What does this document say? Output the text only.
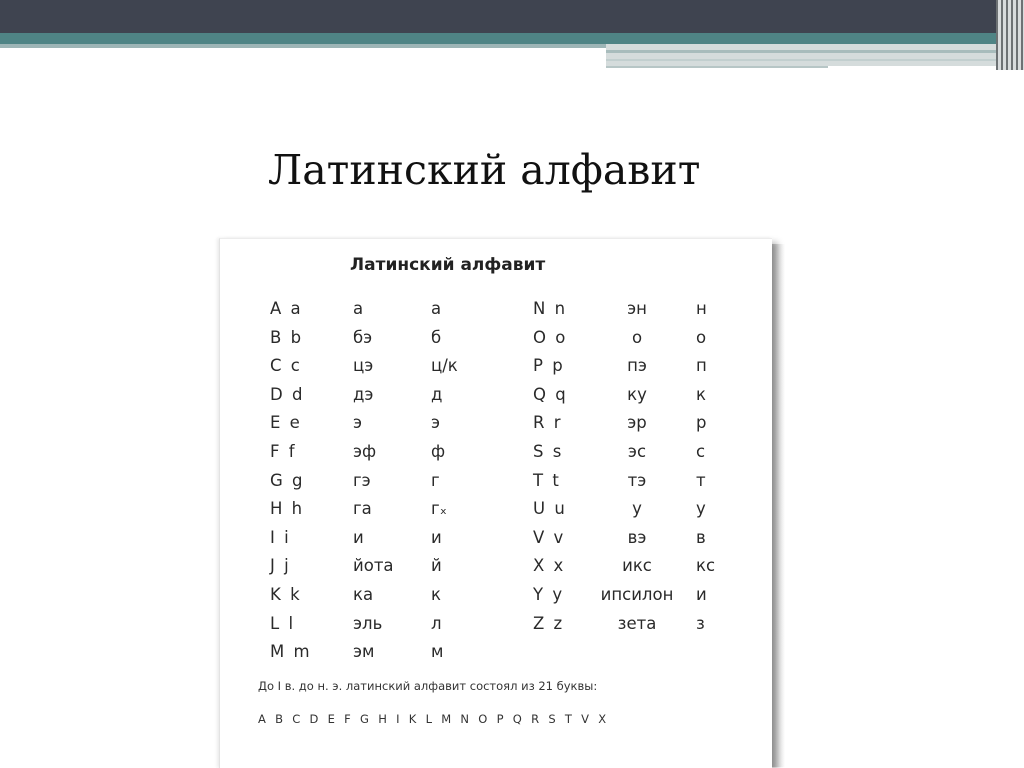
Латинский алфавит
Латинский алфавит
A a
B b
C c
D d
E e
F f
G g
H h
I i
J j
K k
L l
M m
а
бэ
цэ
дэ
э
эф
гэ
га
и
йота
ка
эль
эм
а
б
ц/к
д
э
ф
г
гₓ
и
й
к
л
м
N n
O o
P p
Q q
R r
S s
T t
U u
V v
X x
Y y
Z z
эн
о
пэ
ку
эр
эс
тэ
у
вэ
икс
ипсилон
зета
н
о
п
к
р
с
т
у
в
кс
и
з
До I в. до н. э. латинский алфавит состоял из 21 буквы:
A B C D E F G H I K L M N O P Q R S T V X
